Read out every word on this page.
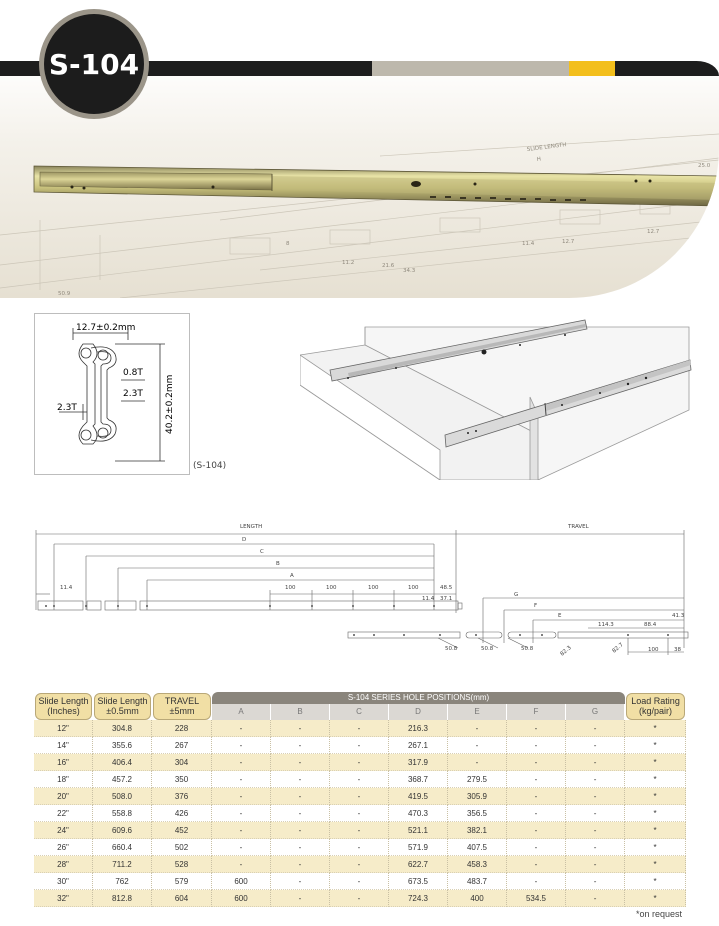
SLIDE LENGTH
H
25.0
11.4	12.7
12.7
11.2	21.6
34.3
8
50.9
S-104
12.7±0.2mm
0.8T
2.3T
2.3T	40.2±0.2mm
(S-104)
LENGTH	TRAVEL
D
C
B
A
G
F
E
11.4	100	100	100	100	48.5
11.4 37.1
41.3
114.3	88.4
50.8	50.8	50.8	82.3	82.7	100	38
Slide Length (Inches)	Slide Length ±0.5mm	TRAVEL ±5mm	S-104 SERIES HOLE POSITIONS(mm)							Load Rating (kg/pair)

			A	B	C	D	E	F	G	
12"	304.8	228	-	-	-	216.3	-	-	-	*
14"	355.6	267	-	-	-	267.1	-	-	-	*
16"	406.4	304	-	-	-	317.9	-	-	-	*
18"	457.2	350	-	-	-	368.7	279.5	-	-	*
20"	508.0	376	-	-	-	419.5	305.9	-	-	*
22"	558.8	426	-	-	-	470.3	356.5	-	-	*
24"	609.6	452	-	-	-	521.1	382.1	-	-	*
26"	660.4	502	-	-	-	571.9	407.5	-	-	*
28"	711.2	528	-	-	-	622.7	458.3	-	-	*
30"	762	579	600	-	-	673.5	483.7	-	-	*
32"	812.8	604	600	-	-	724.3	400	534.5	-	*
*on request
